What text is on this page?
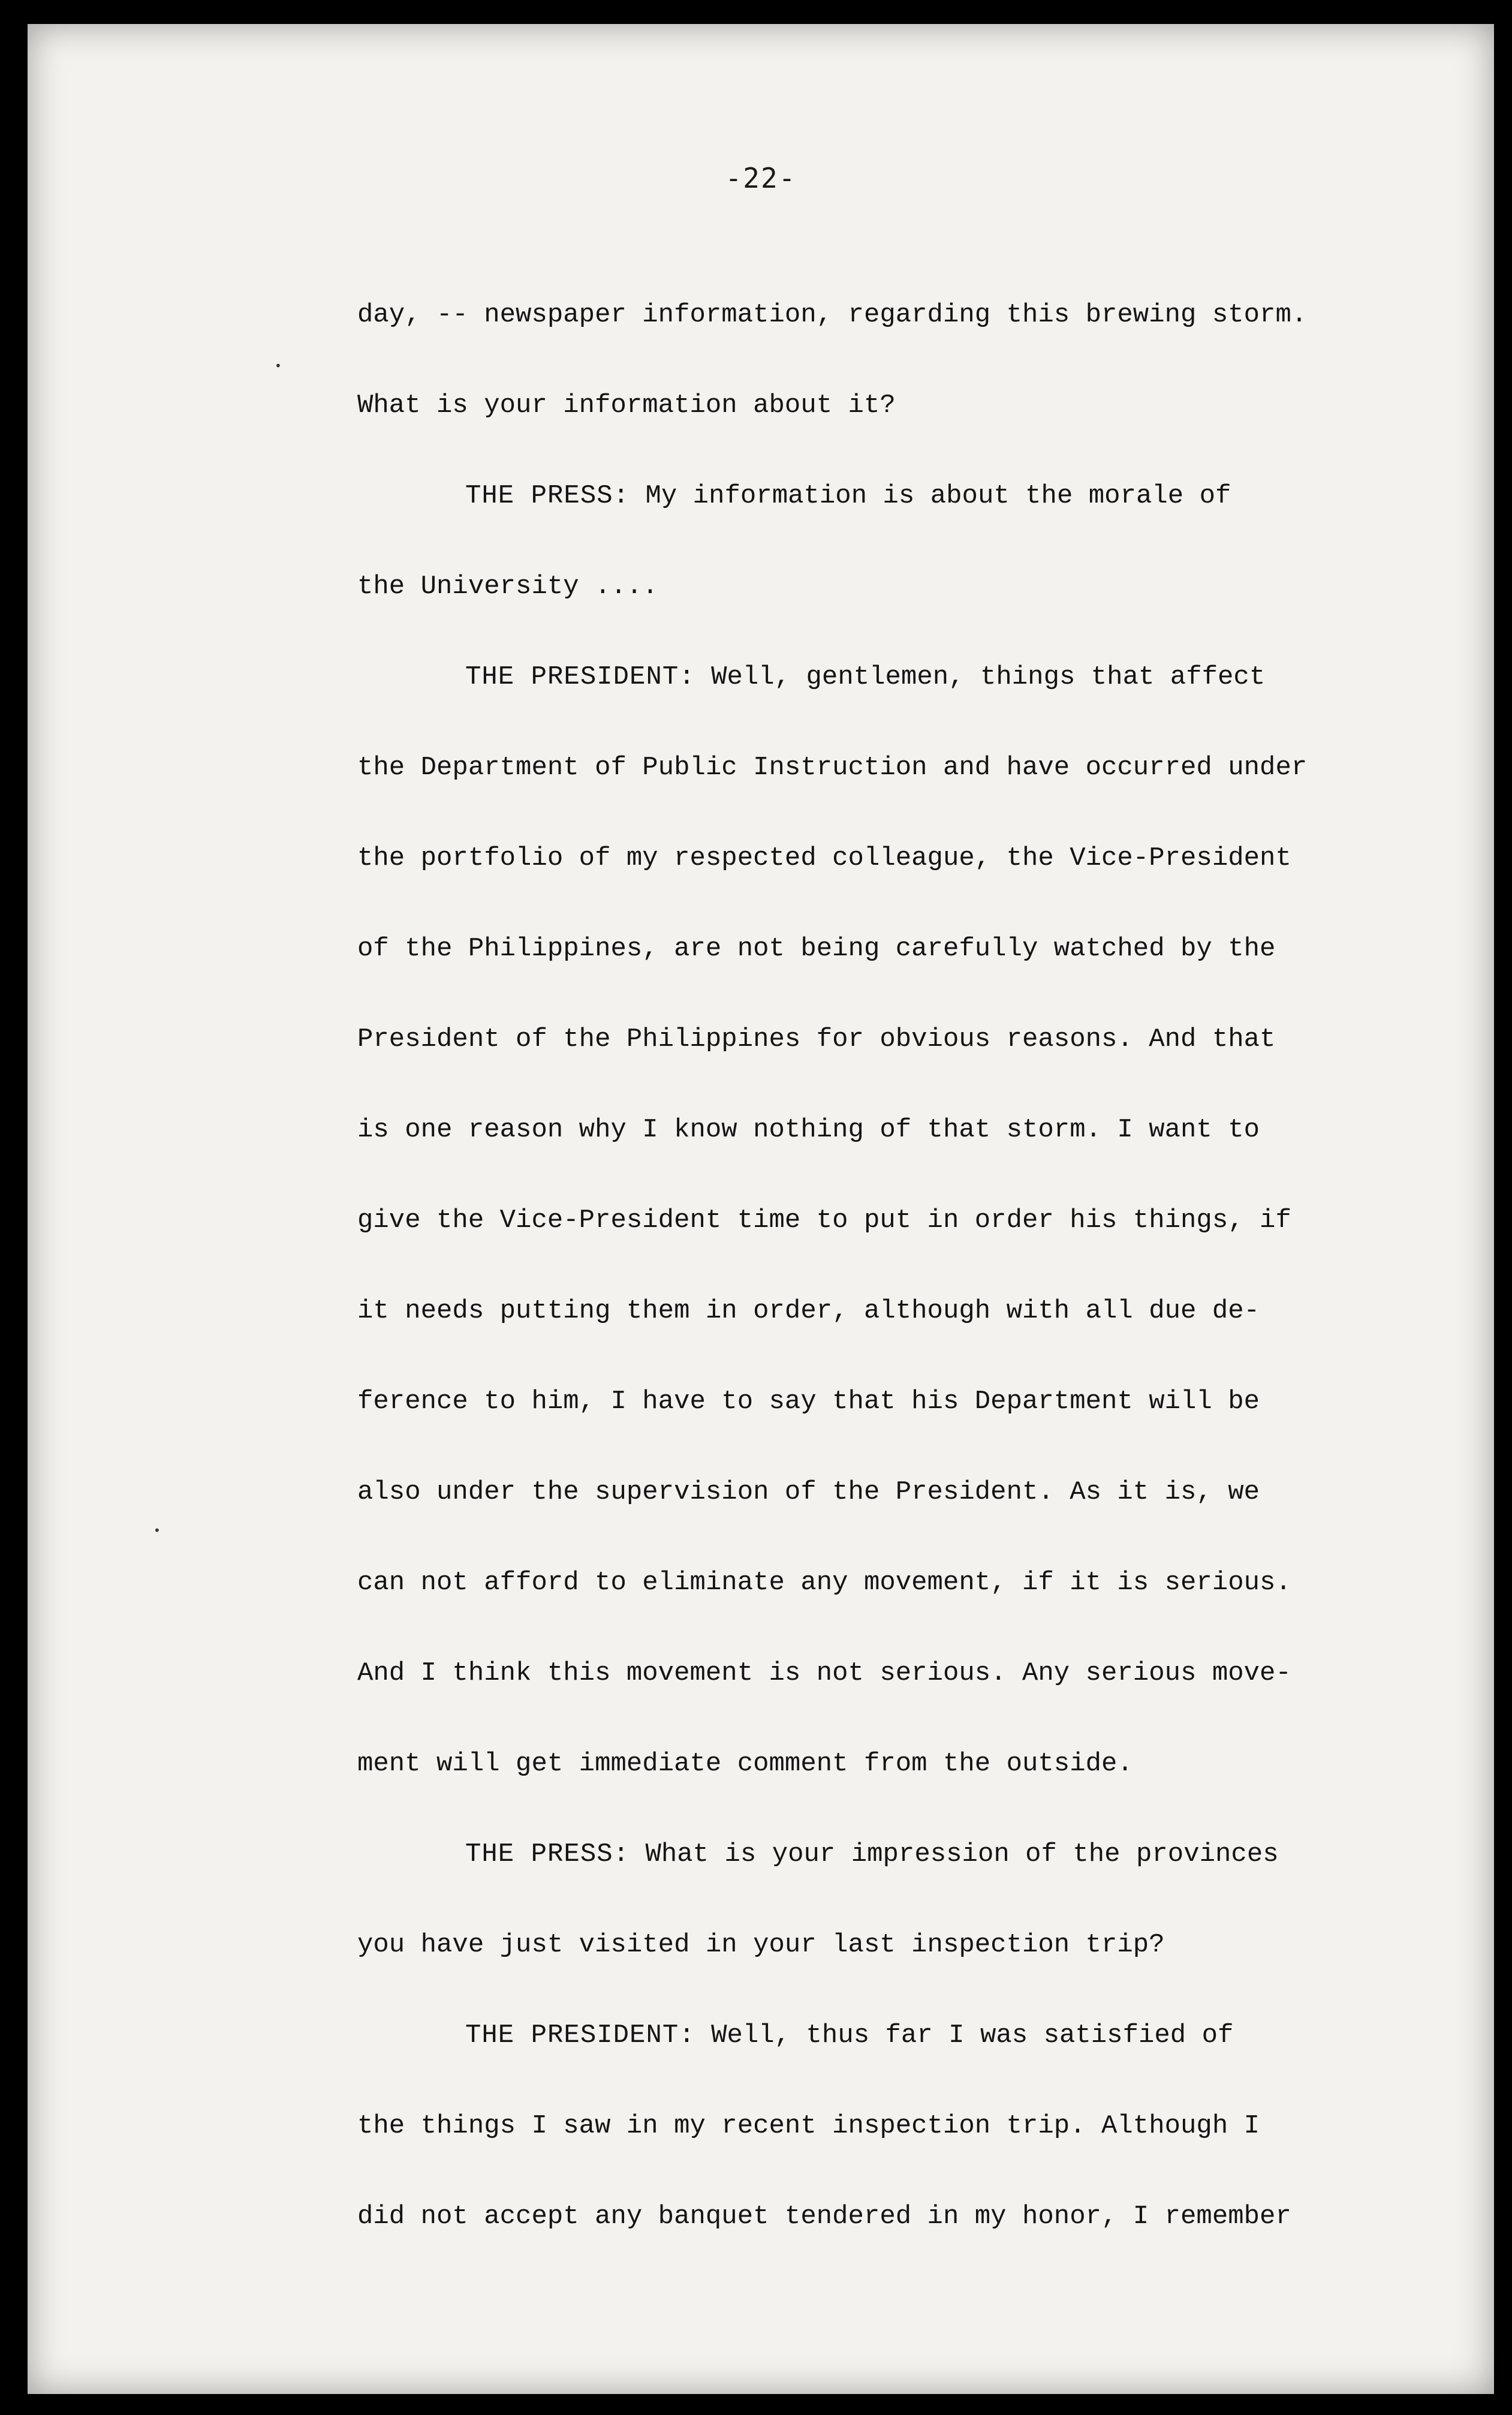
-22-
day, -- newspaper information, regarding this brewing storm.
What is your information about it?
THE PRESS: My information is about the morale of
the University ....
THE PRESIDENT: Well, gentlemen, things that affect
the Department of Public Instruction and have occurred under
the portfolio of my respected colleague, the Vice-President
of the Philippines, are not being carefully watched by the
President of the Philippines for obvious reasons. And that
is one reason why I know nothing of that storm. I want to
give the Vice-President time to put in order his things, if
it needs putting them in order, although with all due de-
ference to him, I have to say that his Department will be
also under the supervision of the President. As it is, we
can not afford to eliminate any movement, if it is serious.
And I think this movement is not serious. Any serious move-
ment will get immediate comment from the outside.
THE PRESS: What is your impression of the provinces
you have just visited in your last inspection trip?
THE PRESIDENT: Well, thus far I was satisfied of
the things I saw in my recent inspection trip. Although I
did not accept any banquet tendered in my honor, I remember
•
•
